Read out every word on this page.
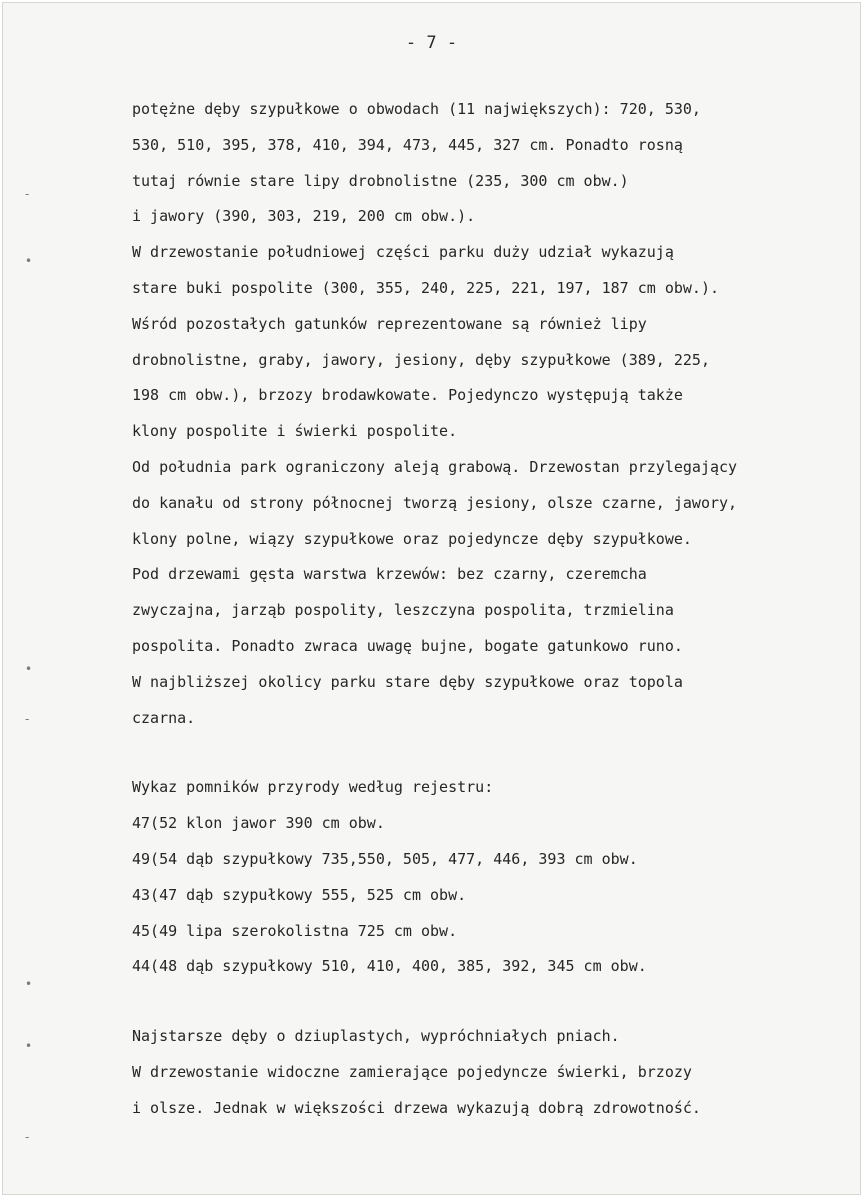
-
•
•
-
•
•
-
- 7 -
potężne dęby szypułkowe o obwodach (11 największych): 720, 530,
530, 510, 395, 378, 410, 394, 473, 445, 327 cm. Ponadto rosną
tutaj równie stare lipy drobnolistne (235, 300 cm obw.)
i jawory (390, 303, 219, 200 cm obw.).
W drzewostanie południowej części parku duży udział wykazują
stare buki pospolite (300, 355, 240, 225, 221, 197, 187 cm obw.).
Wśród pozostałych gatunków reprezentowane są również lipy
drobnolistne, graby, jawory, jesiony, dęby szypułkowe (389, 225,
198 cm obw.), brzozy brodawkowate. Pojedynczo występują także
klony pospolite i świerki pospolite.
Od południa park ograniczony aleją grabową. Drzewostan przylegający
do kanału od strony północnej tworzą jesiony, olsze czarne, jawory,
klony polne, wiązy szypułkowe oraz pojedyncze dęby szypułkowe.
Pod drzewami gęsta warstwa krzewów: bez czarny, czeremcha
zwyczajna, jarząb pospolity, leszczyna pospolita, trzmielina
pospolita. Ponadto zwraca uwagę bujne, bogate gatunkowo runo.
W najbliższej okolicy parku stare dęby szypułkowe oraz topola
czarna.
Wykaz pomników przyrody według rejestru:
47(52 klon jawor 390 cm obw.
49(54 dąb szypułkowy 735,550, 505, 477, 446, 393 cm obw.
43(47 dąb szypułkowy 555, 525 cm obw.
45(49 lipa szerokolistna 725 cm obw.
44(48 dąb szypułkowy 510, 410, 400, 385, 392, 345 cm obw.
Najstarsze dęby o dziuplastych, wypróchniałych pniach.
W drzewostanie widoczne zamierające pojedyncze świerki, brzozy
i olsze. Jednak w większości drzewa wykazują dobrą zdrowotność.
